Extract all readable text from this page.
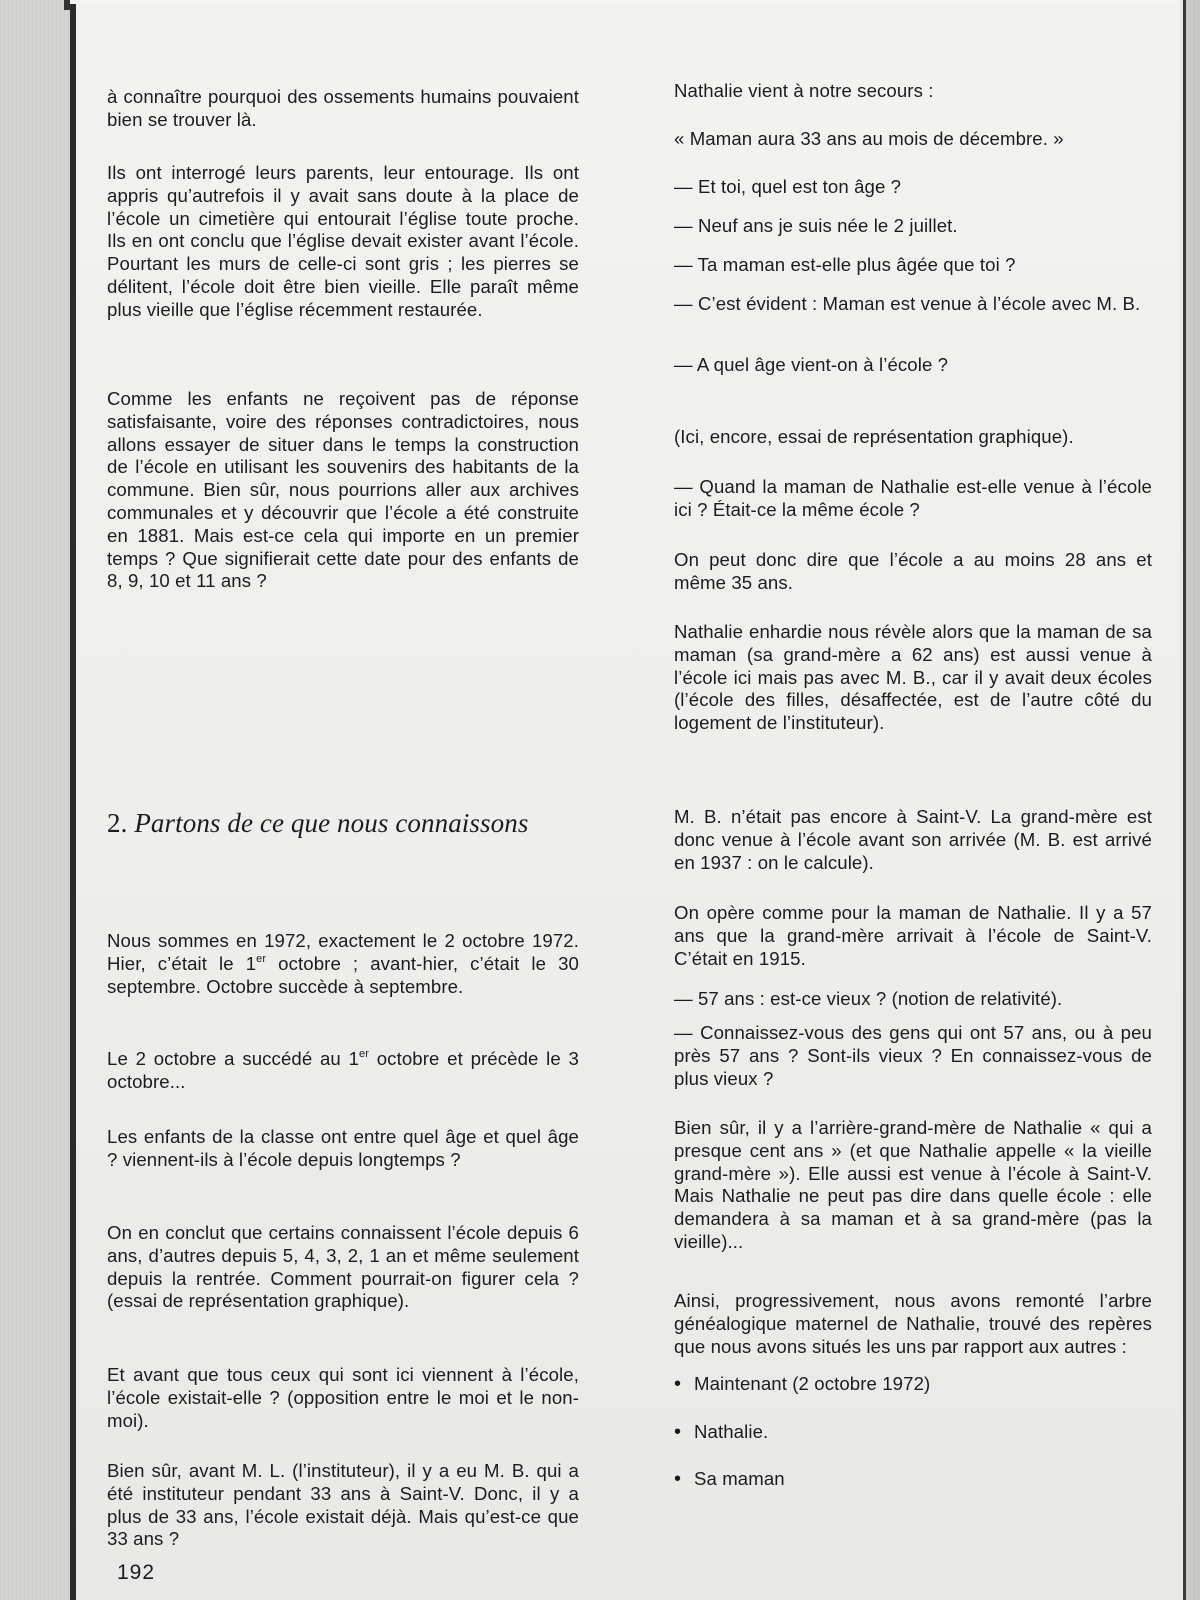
à connaître pourquoi des ossements humains pouvaient bien se trouver là.

Ils ont interrogé leurs parents, leur entourage. Ils ont appris qu’autrefois il y avait sans doute à la place de l’école un cimetière qui entourait l’église toute proche. Ils en ont conclu que l’église devait exister avant l’école. Pourtant les murs de celle-ci sont gris ; les pierres se délitent, l’école doit être bien vieille. Elle paraît même plus vieille que l’église récemment restaurée.

Comme les enfants ne reçoivent pas de réponse satisfaisante, voire des réponses contradictoires, nous allons essayer de situer dans le temps la construction de l’école en utilisant les souvenirs des habitants de la commune. Bien sûr, nous pourrions aller aux archives communales et y découvrir que l’école a été construite en 1881. Mais est-ce cela qui importe en un premier temps ? Que signifierait cette date pour des enfants de 8, 9, 10 et 11 ans ?

2. Partons de ce que nous connaissons

Nous sommes en 1972, exactement le 2 octobre 1972. Hier, c’était le 1er octobre ; avant-hier, c’était le 30 septembre. Octobre succède à septembre.

Le 2 octobre a succédé au 1er octobre et précède le 3 octobre...

Les enfants de la classe ont entre quel âge et quel âge ? viennent-ils à l’école depuis longtemps ?

On en conclut que certains connaissent l’école depuis 6 ans, d’autres depuis 5, 4, 3, 2, 1 an et même seulement depuis la rentrée. Comment pourrait-on figurer cela ? (essai de représentation graphique).

Et avant que tous ceux qui sont ici viennent à l’école, l’école existait-elle ? (opposition entre le moi et le non-moi).

Bien sûr, avant M. L. (l’instituteur), il y a eu M. B. qui a été instituteur pendant 33 ans à Saint-V. Donc, il y a plus de 33 ans, l’école existait déjà. Mais qu’est-ce que 33 ans ?

Nathalie vient à notre secours :

« Maman aura 33 ans au mois de décembre. »

— Et toi, quel est ton âge ?

— Neuf ans je suis née le 2 juillet.

— Ta maman est-elle plus âgée que toi ?

— C’est évident : Maman est venue à l’école avec M. B.

— A quel âge vient-on à l’école ?

(Ici, encore, essai de représentation graphique).

— Quand la maman de Nathalie est-elle venue à l’école ici ? Était-ce la même école ?

On peut donc dire que l’école a au moins 28 ans et même 35 ans.

Nathalie enhardie nous révèle alors que la maman de sa maman (sa grand-mère a 62 ans) est aussi venue à l’école ici mais pas avec M. B., car il y avait deux écoles (l’école des filles, désaffectée, est de l’autre côté du logement de l’instituteur).

M. B. n’était pas encore à Saint-V. La grand-mère est donc venue à l’école avant son arrivée (M. B. est arrivé en 1937 : on le calcule).

On opère comme pour la maman de Nathalie. Il y a 57 ans que la grand-mère arrivait à l’école de Saint-V. C’était en 1915.

— 57 ans : est-ce vieux ? (notion de relativité).

— Connaissez-vous des gens qui ont 57 ans, ou à peu près 57 ans ? Sont-ils vieux ? En connaissez-vous de plus vieux ?

Bien sûr, il y a l’arrière-grand-mère de Nathalie « qui a presque cent ans » (et que Nathalie appelle « la vieille grand-mère »). Elle aussi est venue à l’école à Saint-V. Mais Nathalie ne peut pas dire dans quelle école : elle demandera à sa maman et à sa grand-mère (pas la vieille)...

Ainsi, progressivement, nous avons remonté l’arbre généalogique maternel de Nathalie, trouvé des repères que nous avons situés les uns par rapport aux autres :

• Maintenant (2 octobre 1972)

• Nathalie.

• Sa maman

192
